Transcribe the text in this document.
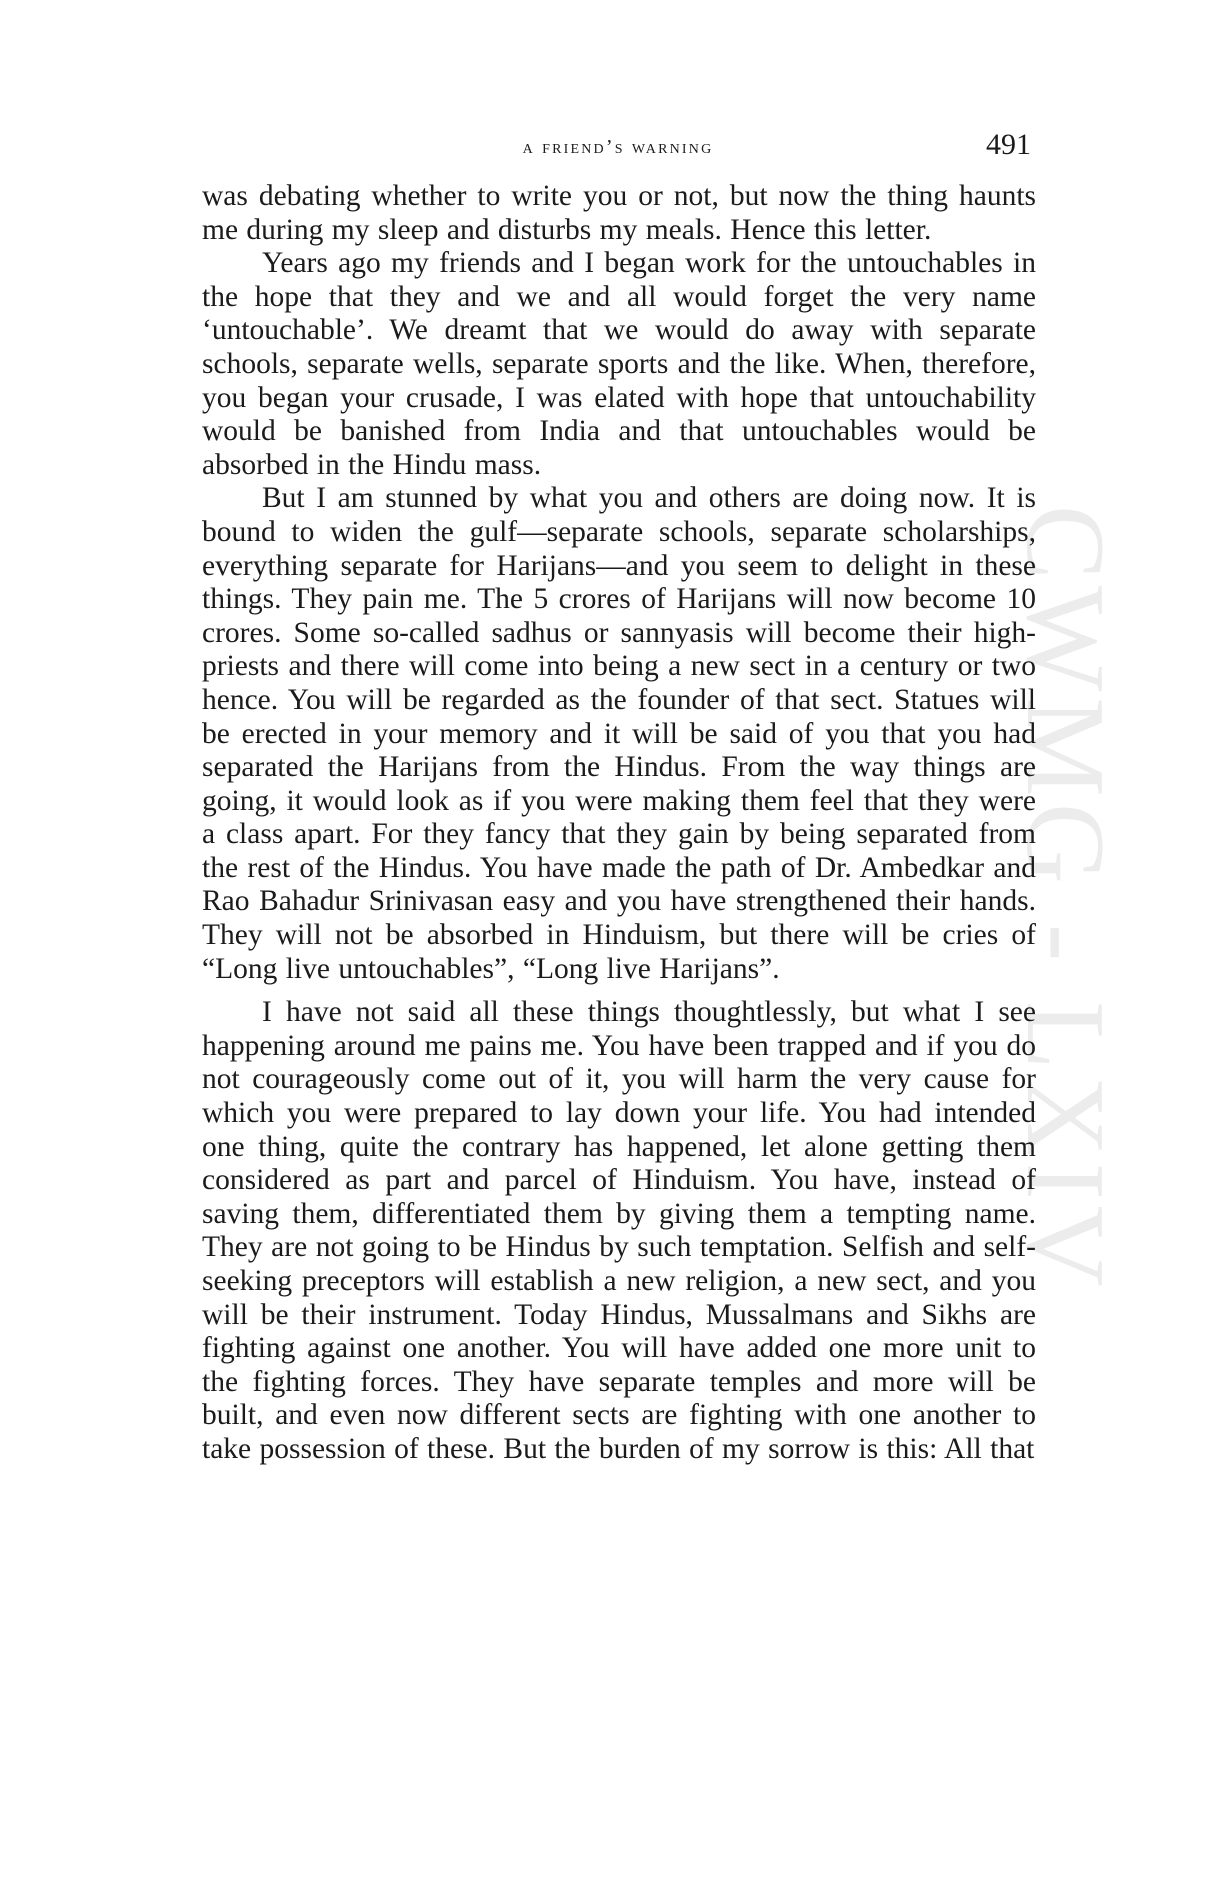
CWMG - LXIV
a friend’s warning	491

was debating whether to write you or not, but now the thing haunts me during my sleep and disturbs my meals. Hence this letter.

Years ago my friends and I began work for the untouchables in the hope that they and we and all would forget the very name ‘untouchable’. We dreamt that we would do away with separate schools, separate wells, separate sports and the like. When, therefore, you began your crusade, I was elated with hope that untouchability would be banished from India and that untouchables would be absorbed in the Hindu mass.

But I am stunned by what you and others are doing now. It is bound to widen the gulf—separate schools, separate scholarships, everything separate for Harijans—and you seem to delight in these things. They pain me. The 5 crores of Harijans will now become 10 crores. Some so-called sadhus or sannyasis will become their high-priests and there will come into being a new sect in a century or two hence. You will be regarded as the founder of that sect. Statues will be erected in your memory and it will be said of you that you had separated the Harijans from the Hindus. From the way things are going, it would look as if you were making them feel that they were a class apart. For they fancy that they gain by being separated from the rest of the Hindus. You have made the path of Dr. Ambedkar and Rao Bahadur Srinivasan easy and you have strengthened their hands. They will not be absorbed in Hinduism, but there will be cries of “Long live untouchables”, “Long live Harijans”.

I have not said all these things thoughtlessly, but what I see happening around me pains me. You have been trapped and if you do not courageously come out of it, you will harm the very cause for which you were prepared to lay down your life. You had intended one thing, quite the contrary has happened, let alone getting them considered as part and parcel of Hinduism. You have, instead of saving them, differentiated them by giving them a tempting name. They are not going to be Hindus by such temptation. Selfish and self-seeking preceptors will establish a new religion, a new sect, and you will be their instrument. Today Hindus, Mussalmans and Sikhs are fighting against one another. You will have added one more unit to the fighting forces. They have separate temples and more will be built, and even now different sects are fighting with one another to take possession of these. But the burden of my sorrow is this: All that
